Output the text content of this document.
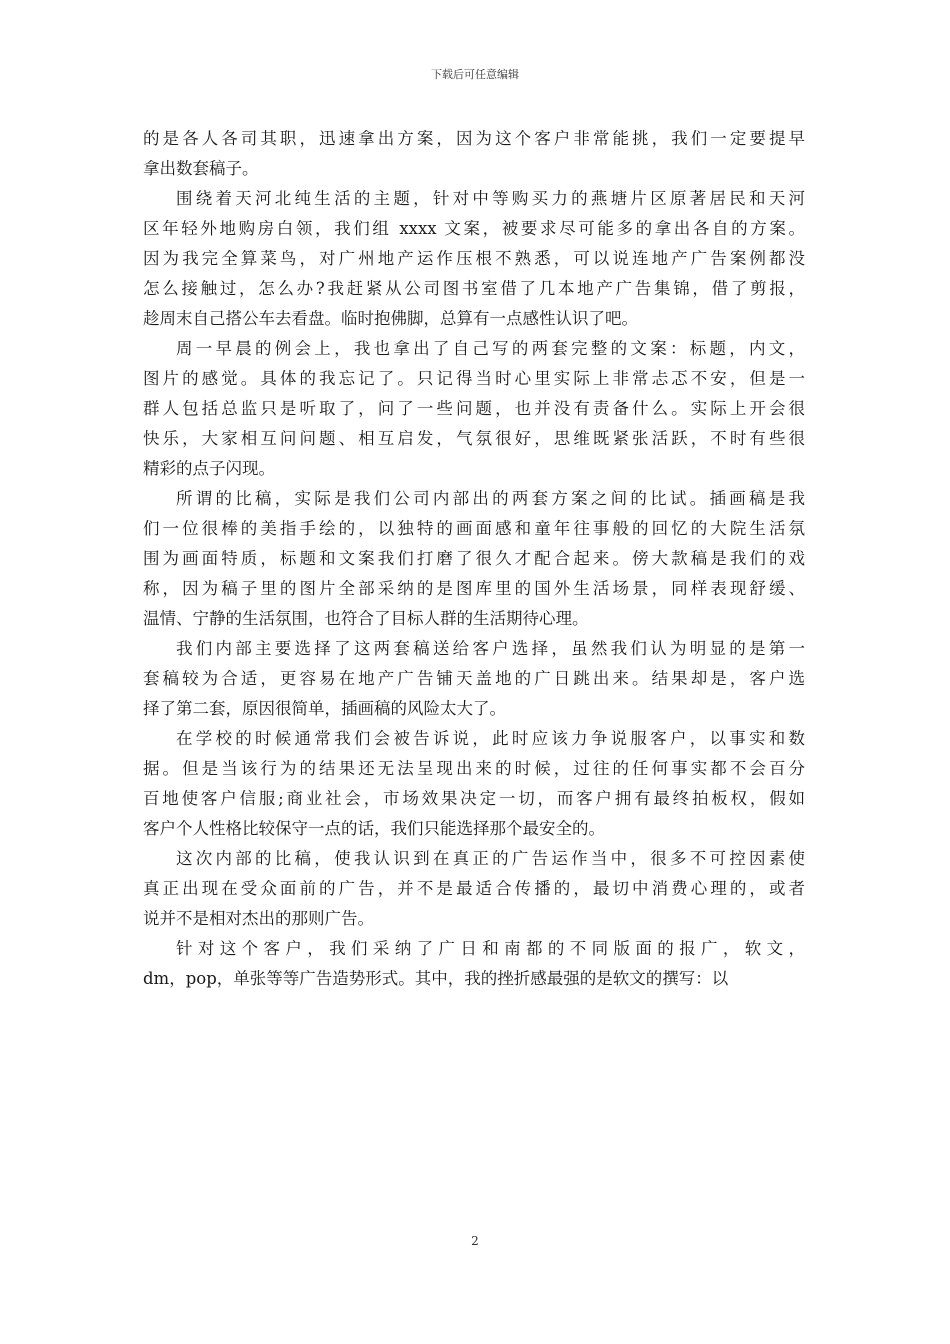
下载后可任意编辑
的是各人各司其职，迅速拿出方案，因为这个客户非常能挑，我们一定要提早
拿出数套稿子。
围绕着天河北纯生活的主题，针对中等购买力的燕塘片区原著居民和天河
区年轻外地购房白领，我们组 xxxx 文案，被要求尽可能多的拿出各自的方案。
因为我完全算菜鸟，对广州地产运作压根不熟悉，可以说连地产广告案例都没
怎么接触过，怎么办?我赶紧从公司图书室借了几本地产广告集锦，借了剪报，
趁周末自己搭公车去看盘。临时抱佛脚，总算有一点感性认识了吧。
周一早晨的例会上，我也拿出了自己写的两套完整的文案：标题，内文，
图片的感觉。具体的我忘记了。只记得当时心里实际上非常忐忑不安，但是一
群人包括总监只是听取了，问了一些问题，也并没有责备什么。实际上开会很
快乐，大家相互问问题、相互启发，气氛很好，思维既紧张活跃，不时有些很
精彩的点子闪现。
所谓的比稿，实际是我们公司内部出的两套方案之间的比试。插画稿是我
们一位很棒的美指手绘的，以独特的画面感和童年往事般的回忆的大院生活氛
围为画面特质，标题和文案我们打磨了很久才配合起来。傍大款稿是我们的戏
称，因为稿子里的图片全部采纳的是图库里的国外生活场景，同样表现舒缓、
温情、宁静的生活氛围，也符合了目标人群的生活期待心理。
我们内部主要选择了这两套稿送给客户选择，虽然我们认为明显的是第一
套稿较为合适，更容易在地产广告铺天盖地的广日跳出来。结果却是，客户选
择了第二套，原因很简单，插画稿的风险太大了。
在学校的时候通常我们会被告诉说，此时应该力争说服客户，以事实和数
据。但是当该行为的结果还无法呈现出来的时候，过往的任何事实都不会百分
百地使客户信服;商业社会，市场效果决定一切，而客户拥有最终拍板权，假如
客户个人性格比较保守一点的话，我们只能选择那个最安全的。
这次内部的比稿，使我认识到在真正的广告运作当中，很多不可控因素使
真正出现在受众面前的广告，并不是最适合传播的，最切中消费心理的，或者
说并不是相对杰出的那则广告。
针对这个客户，我们采纳了广日和南都的不同版面的报广，软文，
dm，pop，单张等等广告造势形式。其中，我的挫折感最强的是软文的撰写：以
2
